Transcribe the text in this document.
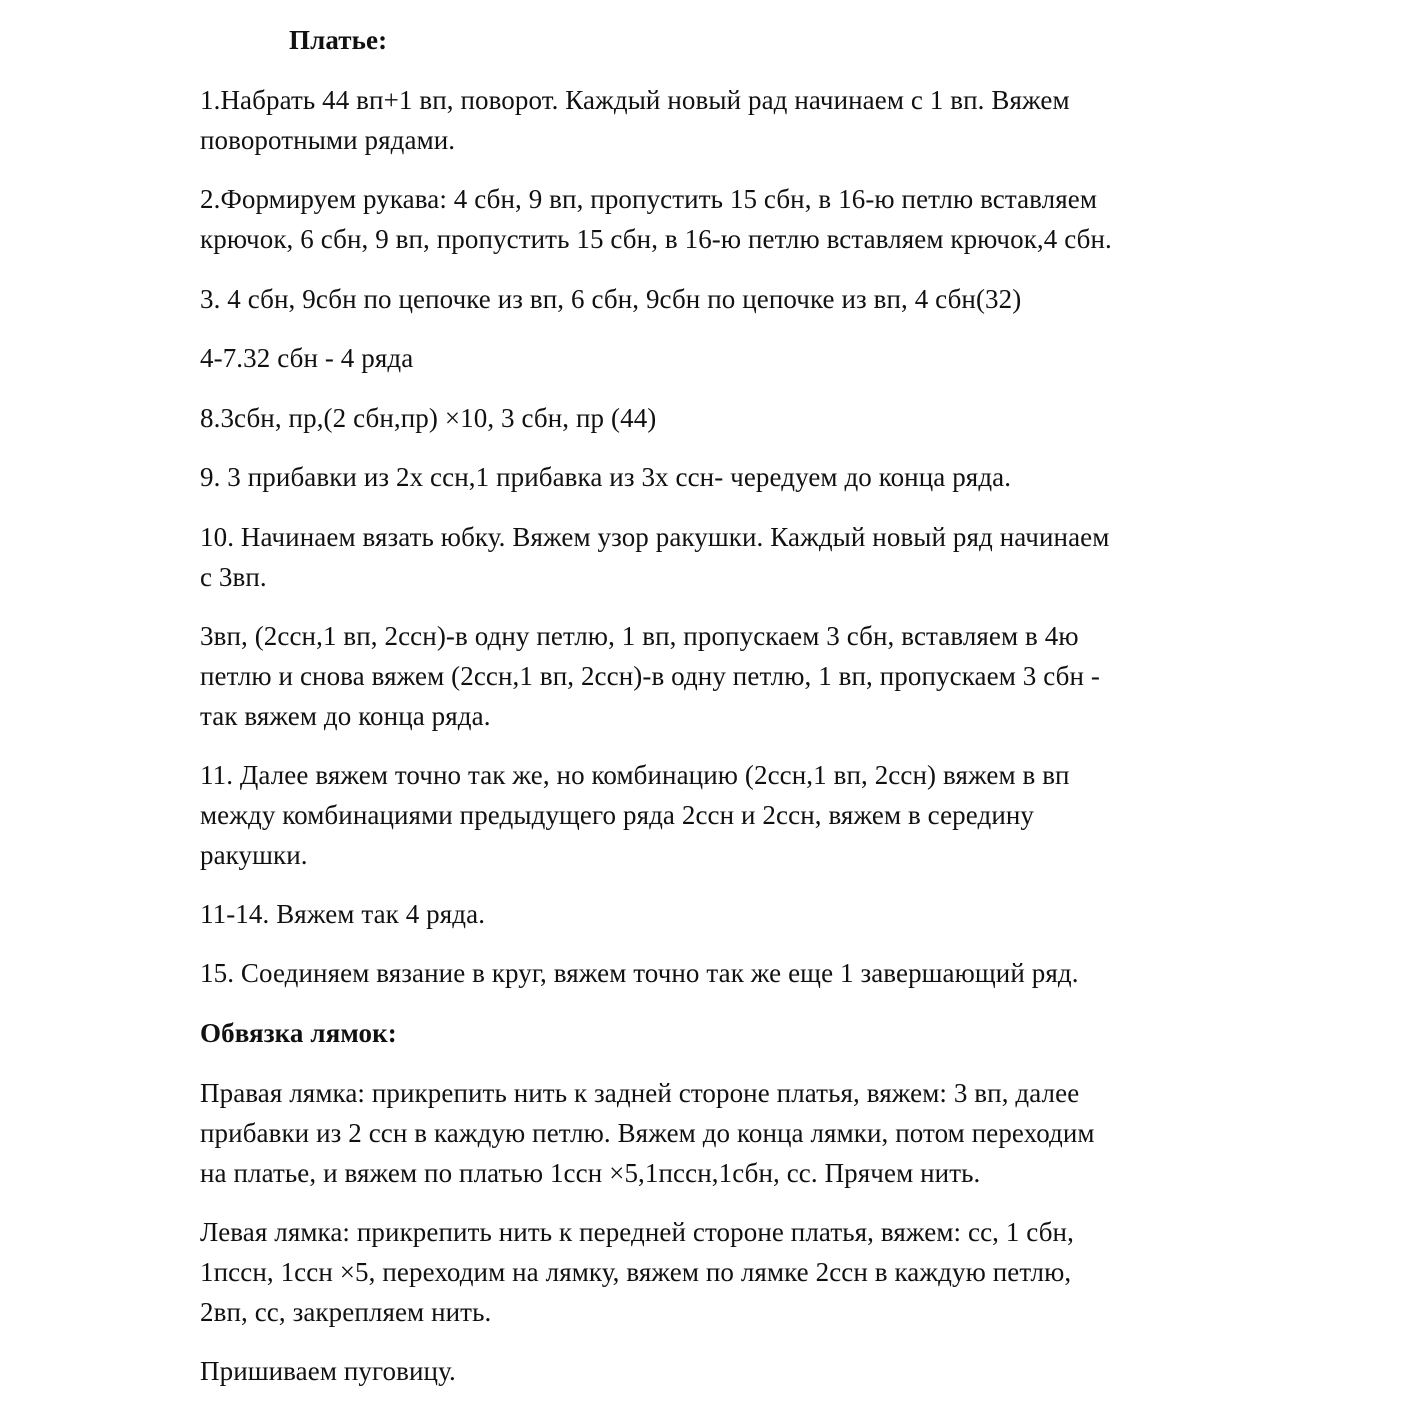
Платье:

1.Набрать 44 вп+1 вп, поворот. Каждый новый рад начинаем с 1 вп. Вяжем

поворотными рядами.

2.Формируем рукава: 4 сбн, 9 вп, пропустить 15 сбн, в 16-ю петлю вставляем

крючок, 6 сбн, 9 вп, пропустить 15 сбн, в 16-ю петлю вставляем крючок,4 сбн.

3. 4 сбн, 9сбн по цепочке из вп, 6 сбн, 9сбн по цепочке из вп, 4 сбн(32)

4-7.32 сбн - 4 ряда

8.3сбн, пр,(2 сбн,пр) ×10, 3 сбн, пр (44)

9. 3 прибавки из 2х ссн,1 прибавка из 3х ссн- чередуем до конца ряда.

10. Начинаем вязать юбку. Вяжем узор ракушки. Каждый новый ряд начинаем

с 3вп.

3вп, (2ссн,1 вп, 2ссн)-в одну петлю, 1 вп, пропускаем 3 сбн, вставляем в 4ю

петлю и снова вяжем (2ссн,1 вп, 2ссн)-в одну петлю, 1 вп, пропускаем 3 сбн -

так вяжем до конца ряда.

11. Далее вяжем точно так же, но комбинацию (2ссн,1 вп, 2ссн) вяжем в вп

между комбинациями предыдущего ряда 2ссн и 2ссн, вяжем в середину

ракушки.

11-14. Вяжем так 4 ряда.

15. Соединяем вязание в круг, вяжем точно так же еще 1 завершающий ряд.

Обвязка лямок:

Правая лямка: прикрепить нить к задней стороне платья, вяжем: 3 вп, далее

прибавки из 2 ссн в каждую петлю. Вяжем до конца лямки, потом переходим

на платье, и вяжем по платью 1ссн ×5,1пссн,1сбн, сс. Прячем нить.

Левая лямка: прикрепить нить к передней стороне платья, вяжем: сс, 1 сбн,

1пссн, 1ссн ×5, переходим на лямку, вяжем по лямке 2ссн в каждую петлю,

2вп, сс, закрепляем нить.

Пришиваем пуговицу.
